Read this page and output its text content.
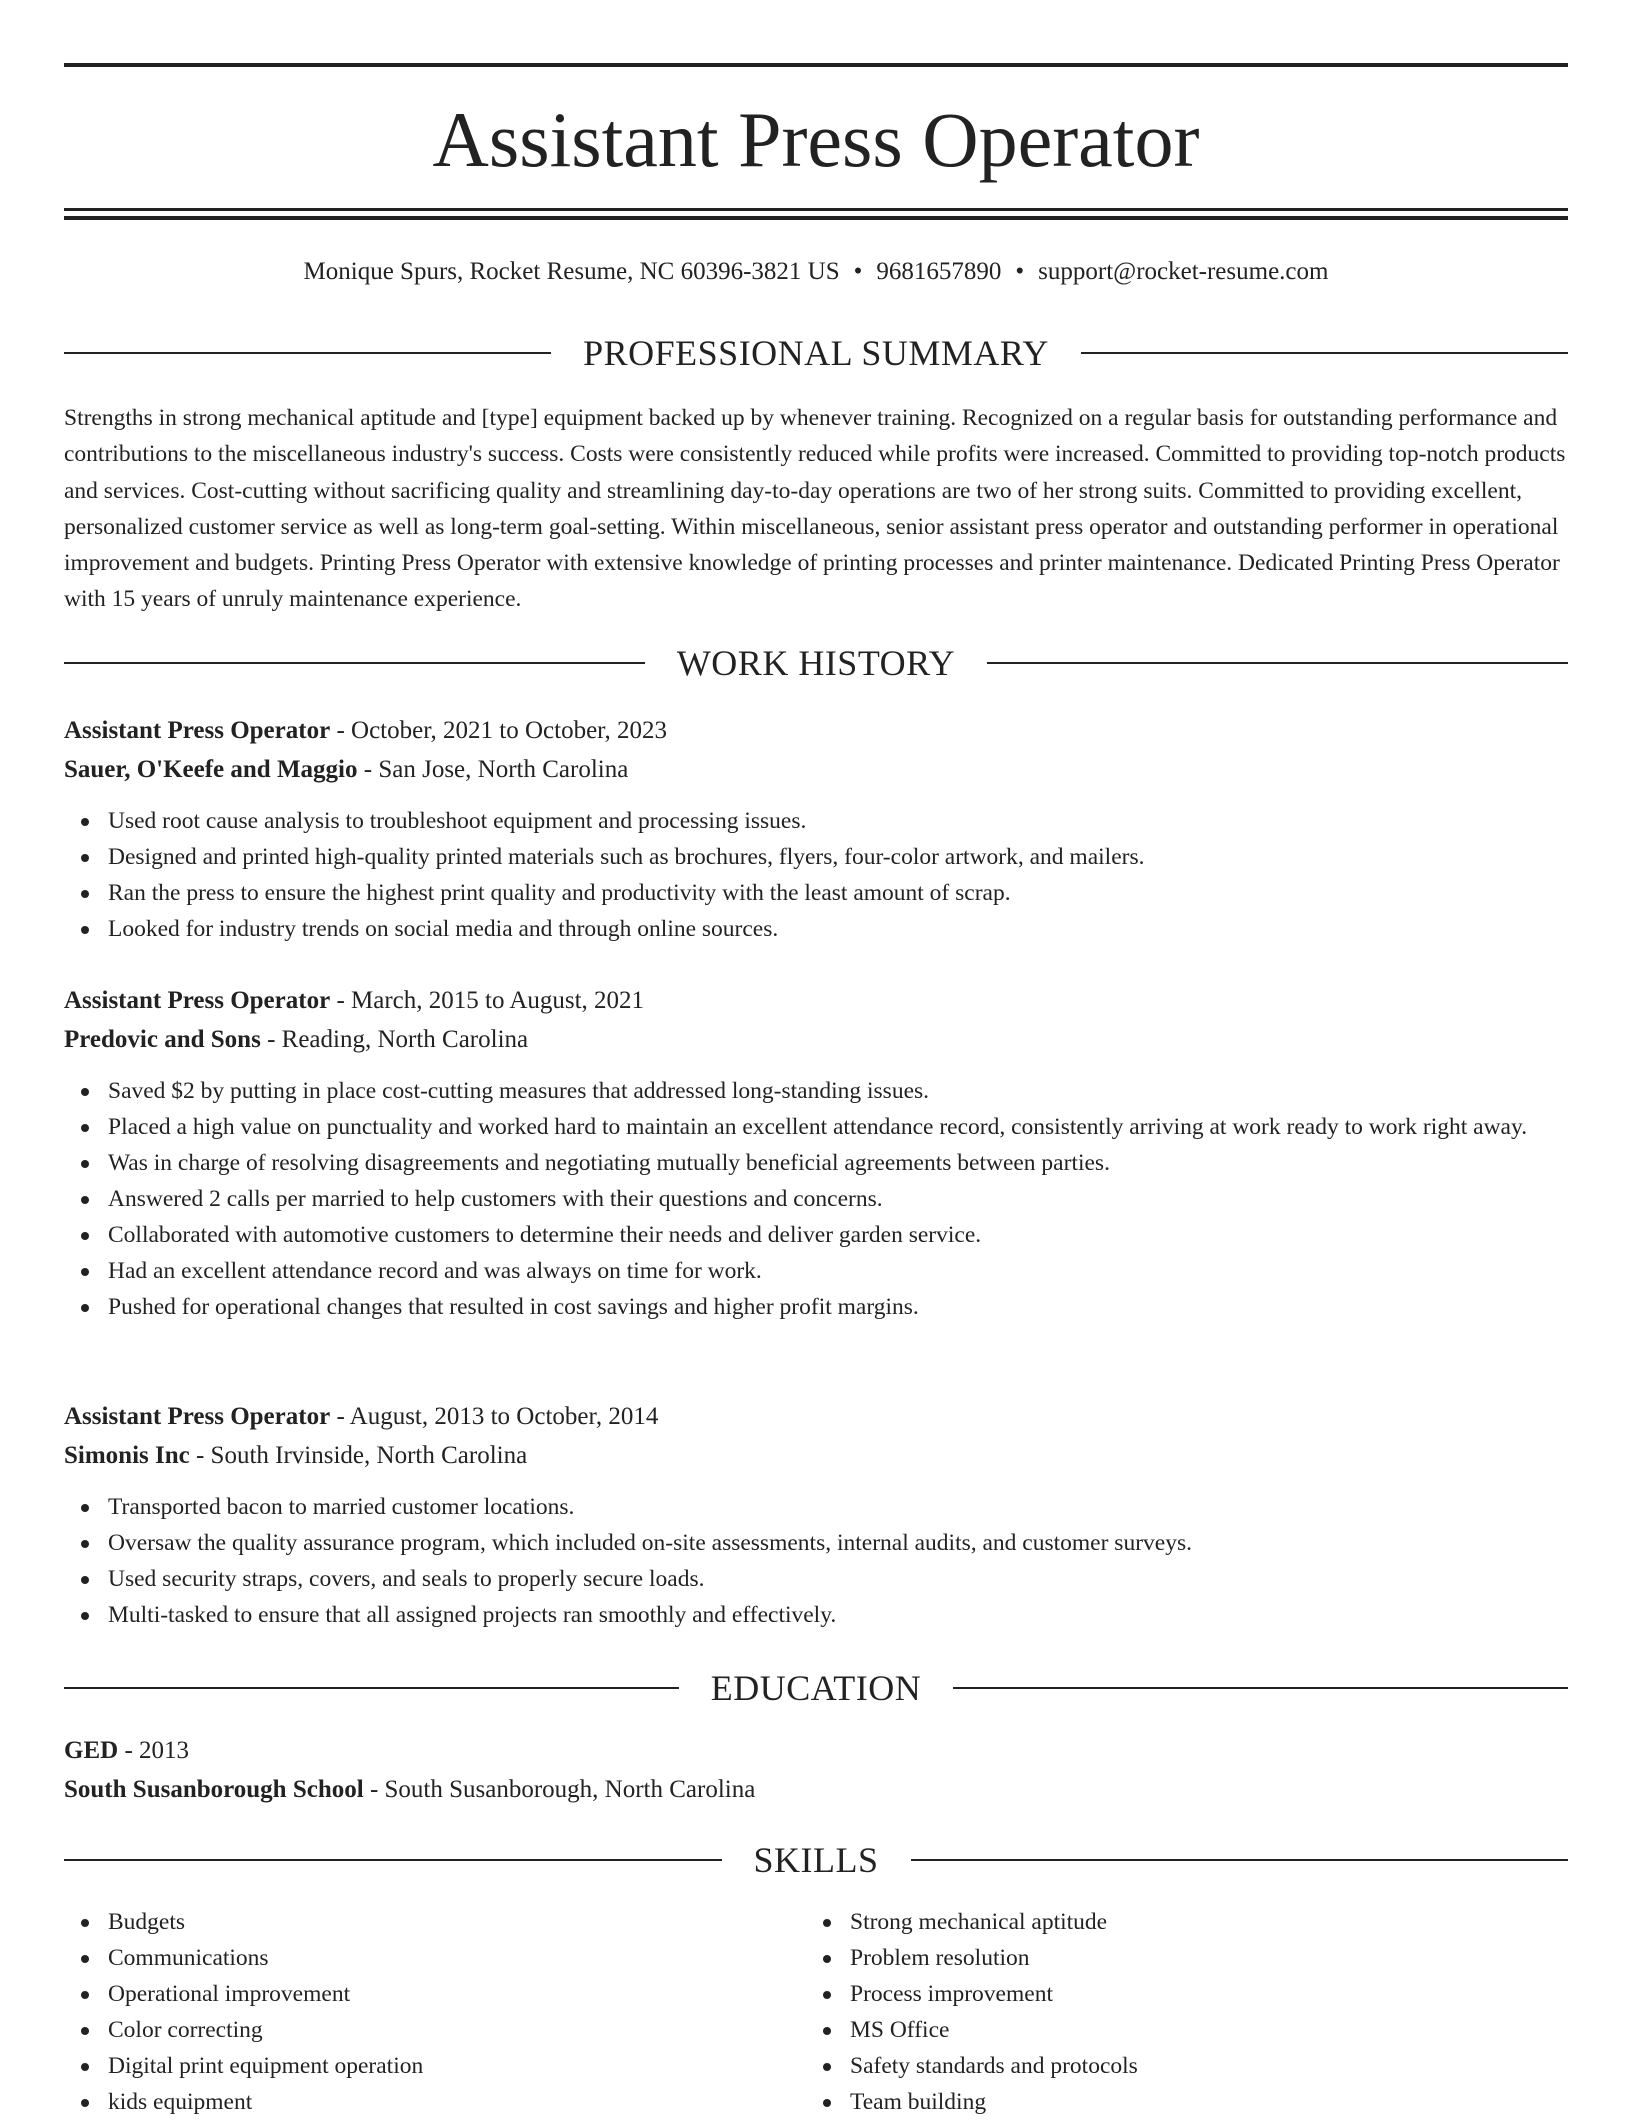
Assistant Press Operator
Monique Spurs, Rocket Resume, NC 60396-3821 US • 9681657890 • support@rocket-resume.com
PROFESSIONAL SUMMARY

Strengths in strong mechanical aptitude and [type] equipment backed up by whenever training. Recognized on a regular basis for outstanding performance and contributions to the miscellaneous industry's success. Costs were consistently reduced while profits were increased. Committed to providing top-notch products and services. Cost-cutting without sacrificing quality and streamlining day-to-day operations are two of her strong suits. Committed to providing excellent, personalized customer service as well as long-term goal-setting. Within miscellaneous, senior assistant press operator and outstanding performer in operational improvement and budgets. Printing Press Operator with extensive knowledge of printing processes and printer maintenance. Dedicated Printing Press Operator with 15 years of unruly maintenance experience.

WORK HISTORY
Assistant Press Operator - October, 2021 to October, 2023
Sauer, O'Keefe and Maggio - San Jose, North Carolina
Used root cause analysis to troubleshoot equipment and processing issues.
Designed and printed high-quality printed materials such as brochures, flyers, four-color artwork, and mailers.
Ran the press to ensure the highest print quality and productivity with the least amount of scrap.
Looked for industry trends on social media and through online sources.
Assistant Press Operator - March, 2015 to August, 2021
Predovic and Sons - Reading, North Carolina
Saved $2 by putting in place cost-cutting measures that addressed long-standing issues.
Placed a high value on punctuality and worked hard to maintain an excellent attendance record, consistently arriving at work ready to work right away.
Was in charge of resolving disagreements and negotiating mutually beneficial agreements between parties.
Answered 2 calls per married to help customers with their questions and concerns.
Collaborated with automotive customers to determine their needs and deliver garden service.
Had an excellent attendance record and was always on time for work.
Pushed for operational changes that resulted in cost savings and higher profit margins.
Assistant Press Operator - August, 2013 to October, 2014
Simonis Inc - South Irvinside, North Carolina
Transported bacon to married customer locations.
Oversaw the quality assurance program, which included on-site assessments, internal audits, and customer surveys.
Used security straps, covers, and seals to properly secure loads.
Multi-tasked to ensure that all assigned projects ran smoothly and effectively.
EDUCATION
GED - 2013
South Susanborough School - South Susanborough, North Carolina
SKILLS
Budgets
Communications
Operational improvement
Color correcting
Digital print equipment operation
kids equipment
Strong mechanical aptitude
Problem resolution
Process improvement
MS Office
Safety standards and protocols
Team building
